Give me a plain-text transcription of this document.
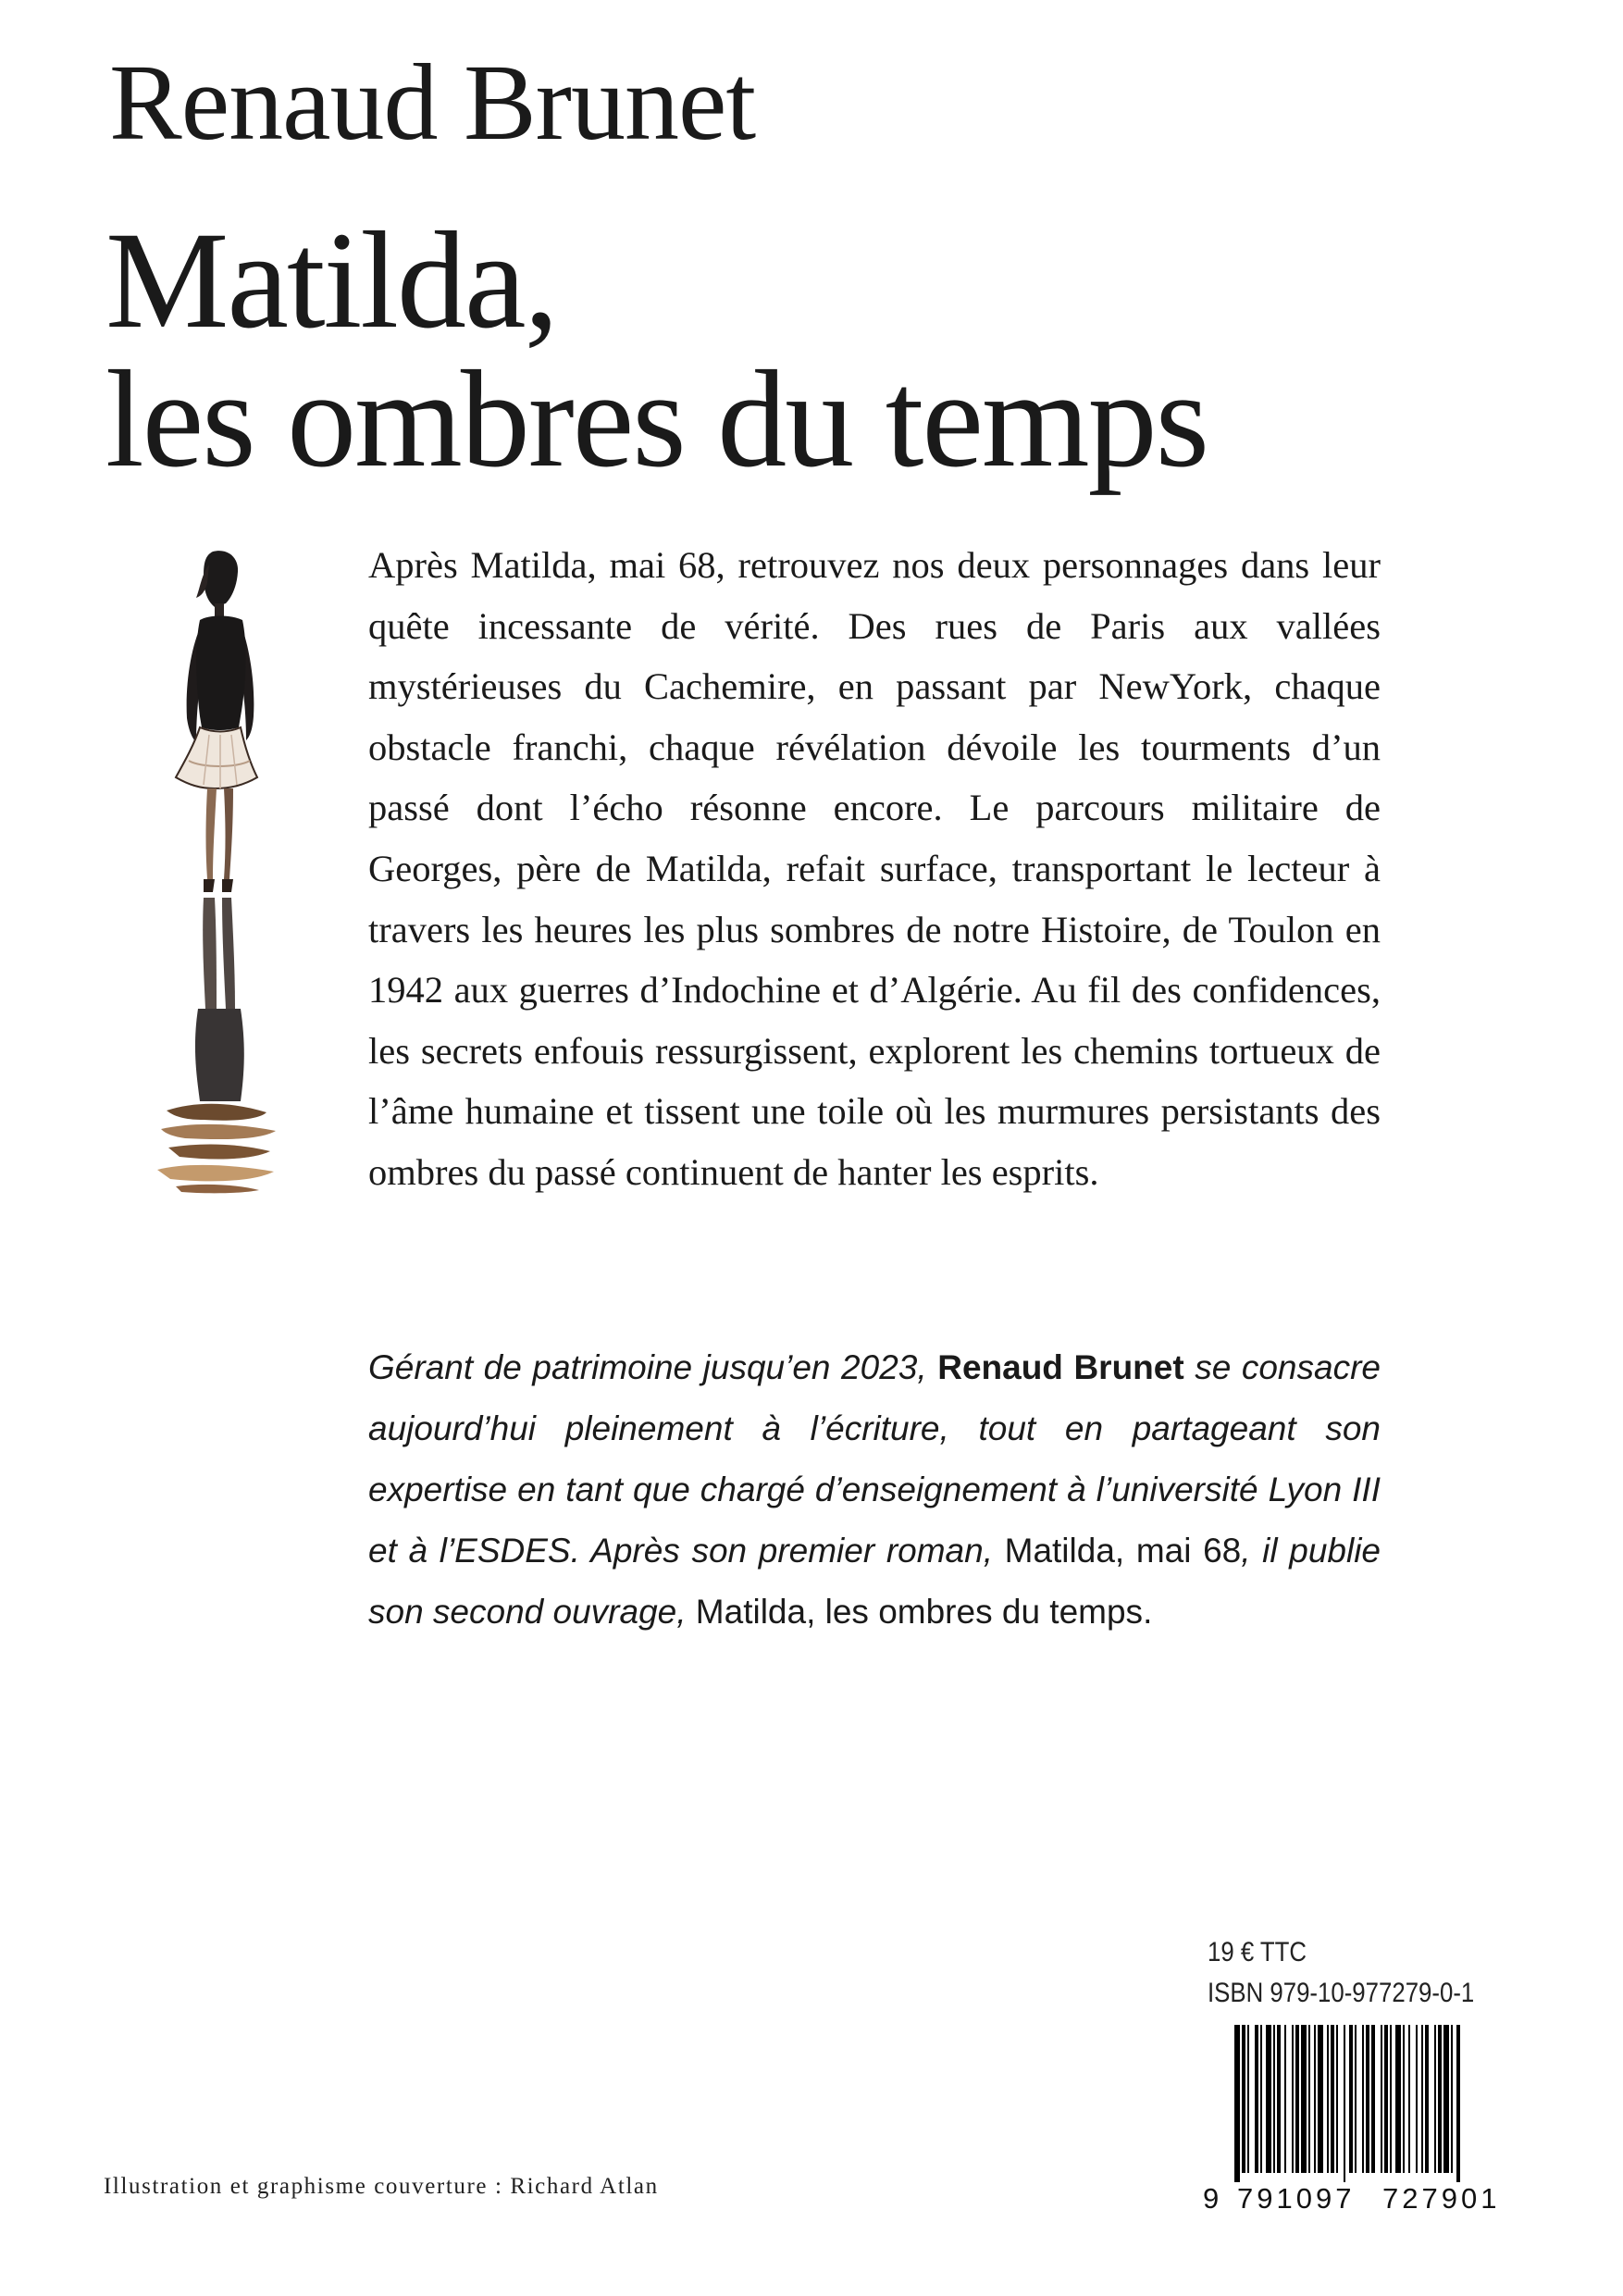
Renaud Brunet
Matilda,
les ombres du temps

Après Matilda, mai 68, retrouvez nos deux personnages dans leur quête incessante de vérité. Des rues de Paris aux vallées mystérieuses du Cachemire, en passant par NewYork, chaque obstacle franchi, chaque révélation dévoile les tourments d’un passé dont l’écho résonne encore. Le parcours militaire de Georges, père de Matilda, refait surface, transportant le lecteur à travers les heures les plus sombres de notre Histoire, de Toulon en 1942 aux guerres d’Indochine et d’Algérie. Au fil des confidences, les secrets enfouis ressurgissent, explorent les chemins tortueux de l’âme humaine et tissent une toile où les murmures persistants des ombres du passé continuent de hanter les esprits.

Gérant de patrimoine jusqu’en 2023, Renaud Brunet se consacre aujourd’hui pleinement à l’écriture, tout en partageant son expertise en tant que chargé d’enseignement à l’université Lyon III et à l’ESDES. Après son premier roman, Matilda, mai 68, il publie son second ouvrage, Matilda, les ombres du temps.

19 € TTC
ISBN 979-10-977279-0-1
9 791097 727901
Illustration et graphisme couverture : Richard Atlan
